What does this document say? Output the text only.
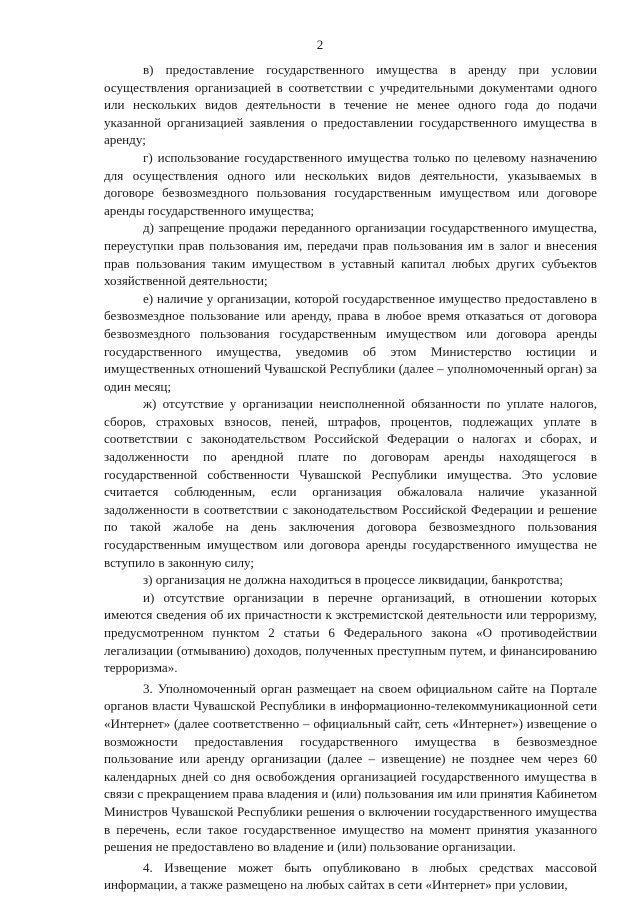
2

в) предоставление государственного имущества в аренду при условии осуществления организацией в соответствии с учредительными документами одного или нескольких видов деятельности в течение не менее одного года до подачи указанной организацией заявления о предоставлении государственного имущества в аренду;

г) использование государственного имущества только по целевому назначению для осуществления одного или нескольких видов деятельности, указываемых в договоре безвозмездного пользования государственным имуществом или договоре аренды государственного имущества;

д) запрещение продажи переданного организации государственного имущества, переуступки прав пользования им, передачи прав пользования им в залог и внесения прав пользования таким имуществом в уставный капитал любых других субъектов хозяйственной деятельности;

е) наличие у организации, которой государственное имущество предоставлено в безвозмездное пользование или аренду, права в любое время отказаться от договора безвозмездного пользования государственным имуществом или договора аренды государственного имущества, уведомив об этом Министерство юстиции и имущественных отношений Чувашской Республики (далее – уполномоченный орган) за один месяц;

ж) отсутствие у организации неисполненной обязанности по уплате налогов, сборов, страховых взносов, пеней, штрафов, процентов, подлежащих уплате в соответствии с законодательством Российской Федерации о налогах и сборах, и задолженности по арендной плате по договорам аренды находящегося в государственной собственности Чувашской Республики имущества. Это условие считается соблюденным, если организация обжаловала наличие указанной задолженности в соответствии с законодательством Российской Федерации и решение по такой жалобе на день заключения договора безвозмездного пользования государственным имуществом или договора аренды государственного имущества не вступило в законную силу;

з) организация не должна находиться в процессе ликвидации, банкротства;

и) отсутствие организации в перечне организаций, в отношении которых имеются сведения об их причастности к экстремистской деятельности или терроризму, предусмотренном пунктом 2 статьи 6 Федерального закона «О противодействии легализации (отмыванию) доходов, полученных преступным путем, и финансированию терроризма».

3. Уполномоченный орган размещает на своем официальном сайте на Портале органов власти Чувашской Республики в информационно-телекоммуникационной сети «Интернет» (далее соответственно – официальный сайт, сеть «Интернет») извещение о возможности предоставления государственного имущества в безвозмездное пользование или аренду организации (далее – извещение) не позднее чем через 60 календарных дней со дня освобождения организацией государственного имущества в связи с прекращением права владения и (или) пользования им или принятия Кабинетом Министров Чувашской Республики решения о включении государственного имущества в перечень, если такое государственное имущество на момент принятия указанного решения не предоставлено во владение и (или) пользование организации.

4. Извещение может быть опубликовано в любых средствах массовой информации, а также размещено на любых сайтах в сети «Интернет» при условии,
